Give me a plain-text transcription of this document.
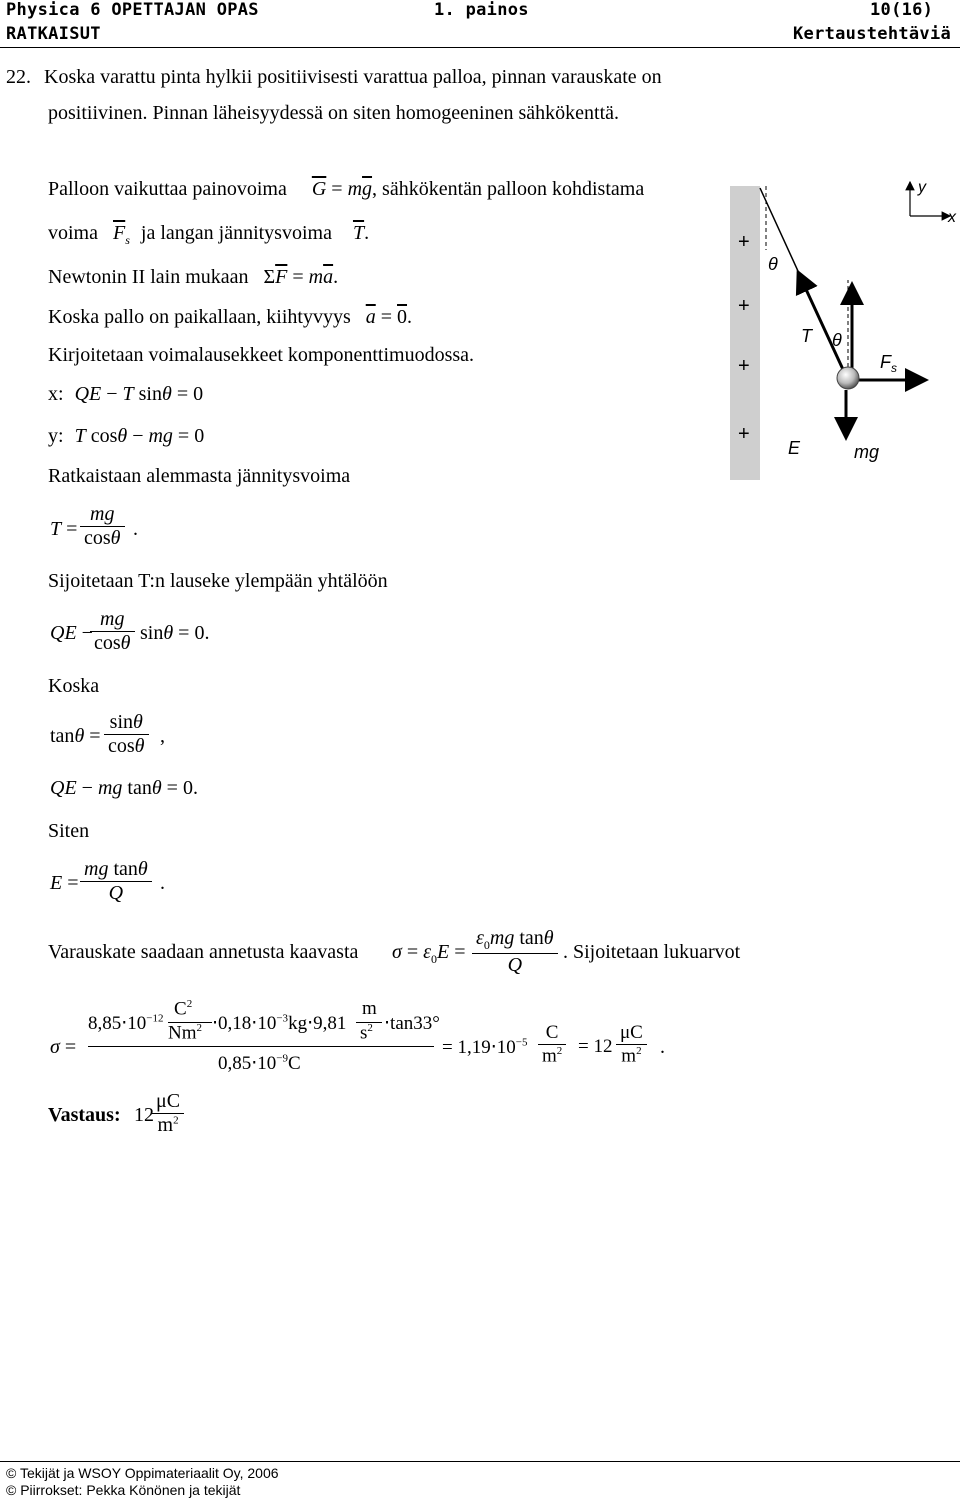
Physica 6 OPETTAJAN OPAS	1. painos	10(16)
RATKAISUT	Kertaustehtäviä
22. Koska varattu pinta hylkii positiivisesti varattua palloa, pinnan varauskate on
positiivinen. Pinnan läheisyydessä on siten homogeeninen sähkökenttä.
Palloon vaikuttaa painovoima $\overline{G} = m\overline{g}$, sähkökentän palloon kohdistama
voima $\overline{F}_s$ ja langan jännitysvoima $\overline{T}$.
Newtonin II lain mukaan $\Sigma\overline{F} = m\overline{a}$.
Koska pallo on paikallaan, kiihtyvyys $\overline{a} = 0$.
Kirjoitetaan voimalausekkeet komponenttimuodossa.
x: QE − T sinθ = 0
y: T cosθ − mg = 0
Ratkaistaan alemmasta jännitysvoima
T =
mg
cosθ .
Sijoitetaan T:n lauseke ylempään yhtälöön
QE −
mg
cosθ sinθ = 0.
Koska
tanθ =
sinθ
cosθ ,
QE − mg tanθ = 0.
Siten
E =
mg tanθ
Q	.
Varauskate saadaan annetusta kaavasta $\sigma = \varepsilon_0E$ =
$\varepsilon_0mg$ tanθ
Q
. Sijoitetaan lukuarvot
σ =
$8,85\cdot 10^{-12}$ $C^2$
$Nm^2 \cdot 0,18\cdot 10^{-3}kg\cdot 9,81$
m
$s^2 \cdot\tan 33^\circ$
$0,85\cdot 10^{-9}C$
= $1,19\cdot 10^{-5}$ C
$m^2 = 12$
μC
$m^2$ .
Vastaus: 12
μC
$m^2$
+
+
+
+
θ
T θ
$F_s$
E	mg
y
x
© Tekijät ja WSOY Oppimateriaalit Oy, 2006
© Piirrokset: Pekka Könönen ja tekijät
